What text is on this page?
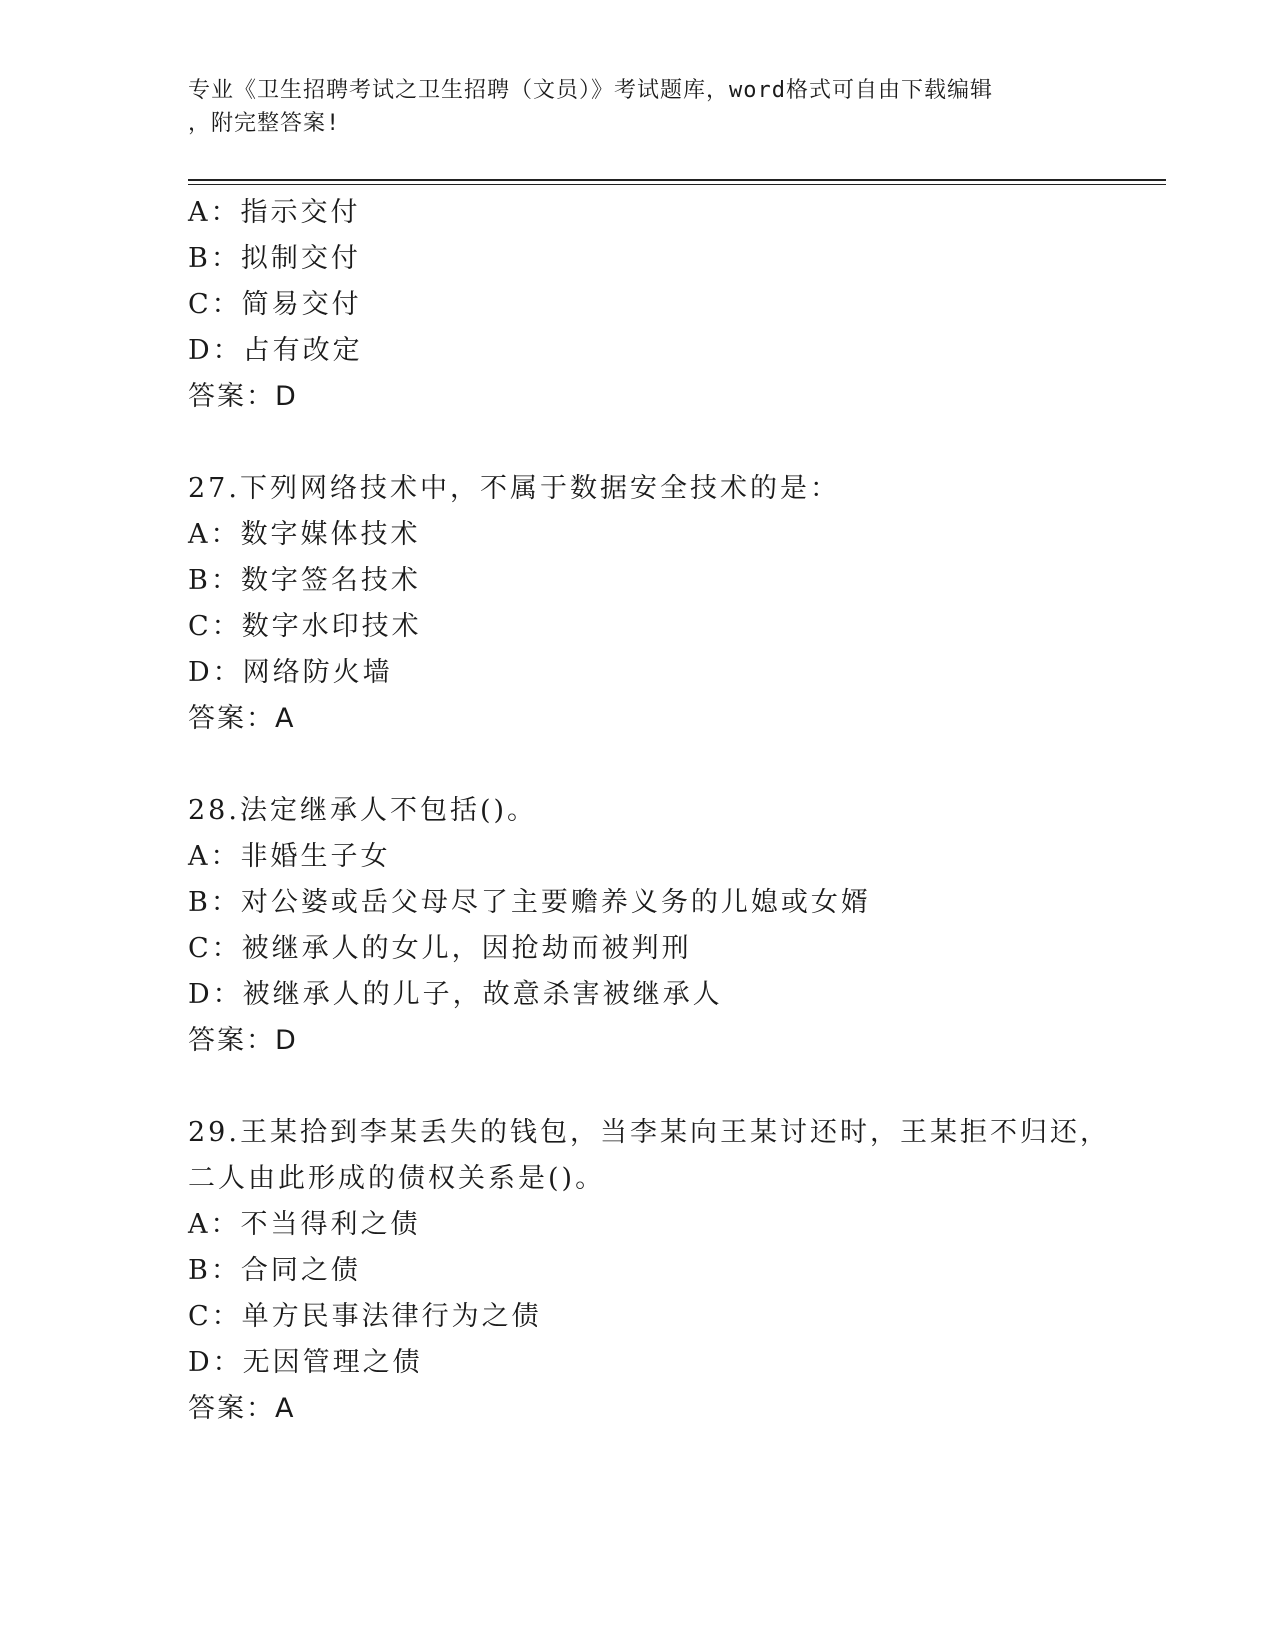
专业《卫生招聘考试之卫生招聘（文员）》考试题库，word格式可自由下载编辑
，附完整答案!
A：指示交付
B：拟制交付
C：简易交付
D：占有改定
答案：D
27.下列网络技术中，不属于数据安全技术的是：
A：数字媒体技术
B：数字签名技术
C：数字水印技术
D：网络防火墙
答案：A
28.法定继承人不包括()。
A：非婚生子女
B：对公婆或岳父母尽了主要赡养义务的儿媳或女婿
C：被继承人的女儿，因抢劫而被判刑
D：被继承人的儿子，故意杀害被继承人
答案：D
29.王某拾到李某丢失的钱包，当李某向王某讨还时，王某拒不归还，
二人由此形成的债权关系是()。
A：不当得利之债
B：合同之债
C：单方民事法律行为之债
D：无因管理之债
答案：A
